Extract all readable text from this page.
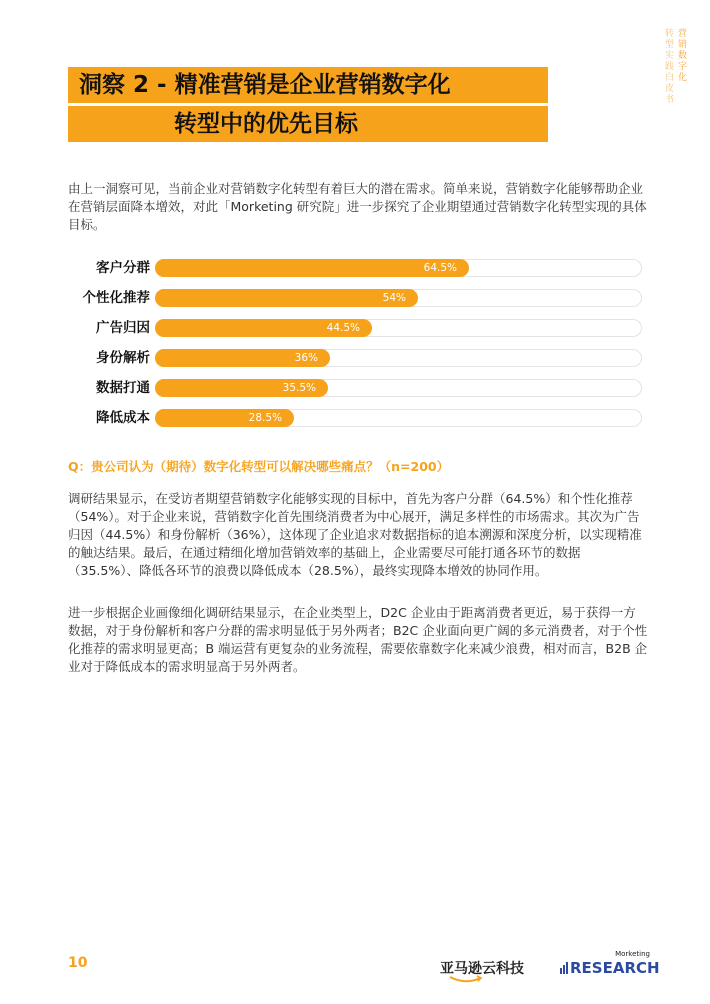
转型实践白皮书 营销数字化
洞察 2 - 精准营销是企业营销数字化
转型中的优先目标

由上一洞察可见，当前企业对营销数字化转型有着巨大的潜在需求。简单来说，营销数字化能够帮助企业在营销层面降本增效，对此「Morketing 研究院」进一步探究了企业期望通过营销数字化转型实现的具体目标。

客户分群	64.5%
个性化推荐	54%
广告归因	44.5%
身份解析	36%
数据打通	35.5%
降低成本	28.5%

Q：贵公司认为（期待）数字化转型可以解决哪些痛点？（n=200）

调研结果显示，在受访者期望营销数字化能够实现的目标中，首先为客户分群（64.5%）和个性化推荐（54%）。对于企业来说，营销数字化首先围绕消费者为中心展开，满足多样性的市场需求。其次为广告归因（44.5%）和身份解析（36%），这体现了企业追求对数据指标的追本溯源和深度分析，以实现精准的触达结果。最后，在通过精细化增加营销效率的基础上，企业需要尽可能打通各环节的数据（35.5%）、降低各环节的浪费以降低成本（28.5%），最终实现降本增效的协同作用。

进一步根据企业画像细化调研结果显示，在企业类型上，D2C 企业由于距离消费者更近，易于获得一方数据，对于身份解析和客户分群的需求明显低于另外两者；B2C 企业面向更广阔的多元消费者，对于个性化推荐的需求明显更高；B 端运营有更复杂的业务流程，需要依靠数字化来减少浪费，相对而言，B2B 企业对于降低成本的需求明显高于另外两者。

10	亚马逊云科技
Morketing
RESEARCH
